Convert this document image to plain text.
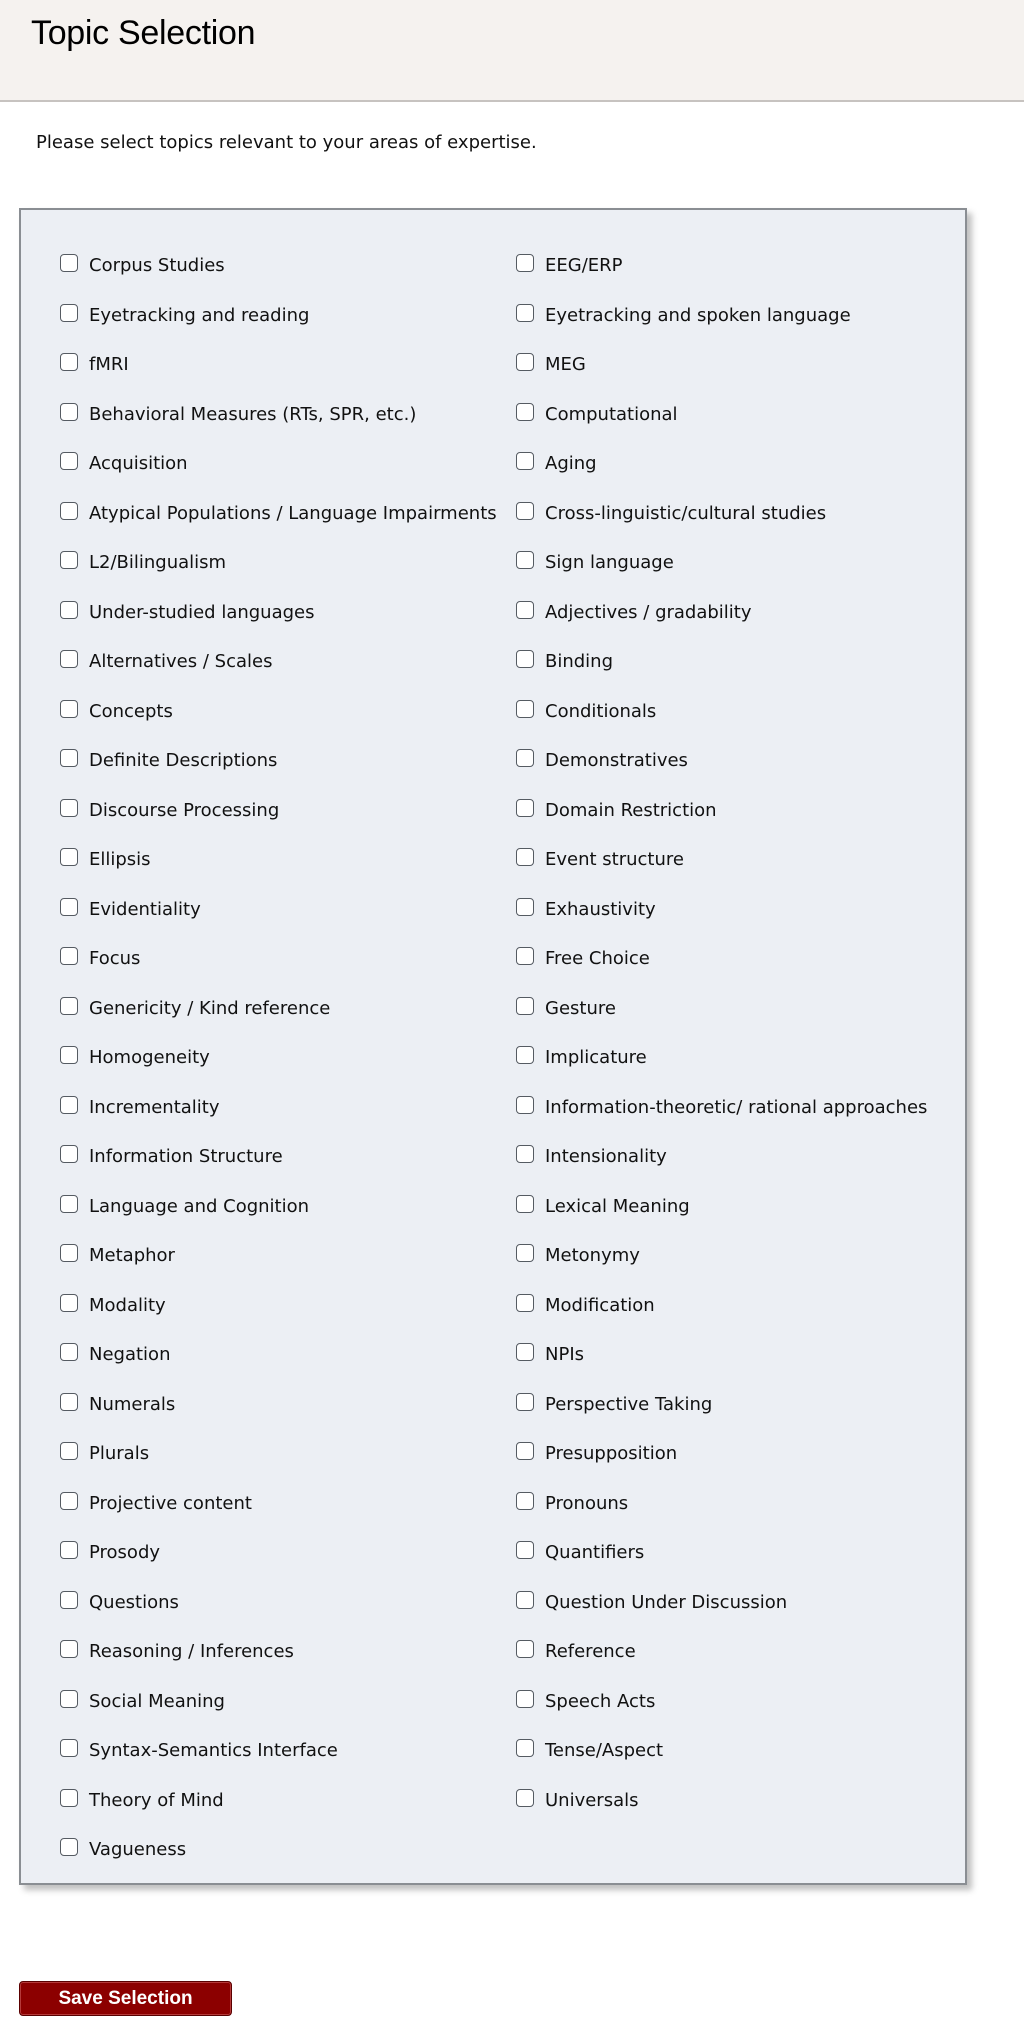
Topic Selection
Please select topics relevant to your areas of expertise.
Corpus Studies
Eyetracking and reading
fMRI
Behavioral Measures (RTs, SPR, etc.)
Acquisition
Atypical Populations / Language Impairments
L2/Bilingualism
Under-studied languages
Alternatives / Scales
Concepts
Definite Descriptions
Discourse Processing
Ellipsis
Evidentiality
Focus
Genericity / Kind reference
Homogeneity
Incrementality
Information Structure
Language and Cognition
Metaphor
Modality
Negation
Numerals
Plurals
Projective content
Prosody
Questions
Reasoning / Inferences
Social Meaning
Syntax-Semantics Interface
Theory of Mind
Vagueness
EEG/ERP
Eyetracking and spoken language
MEG
Computational
Aging
Cross-linguistic/cultural studies
Sign language
Adjectives / gradability
Binding
Conditionals
Demonstratives
Domain Restriction
Event structure
Exhaustivity
Free Choice
Gesture
Implicature
Information-theoretic/ rational approaches
Intensionality
Lexical Meaning
Metonymy
Modification
NPIs
Perspective Taking
Presupposition
Pronouns
Quantifiers
Question Under Discussion
Reference
Speech Acts
Tense/Aspect
Universals
Save Selection
